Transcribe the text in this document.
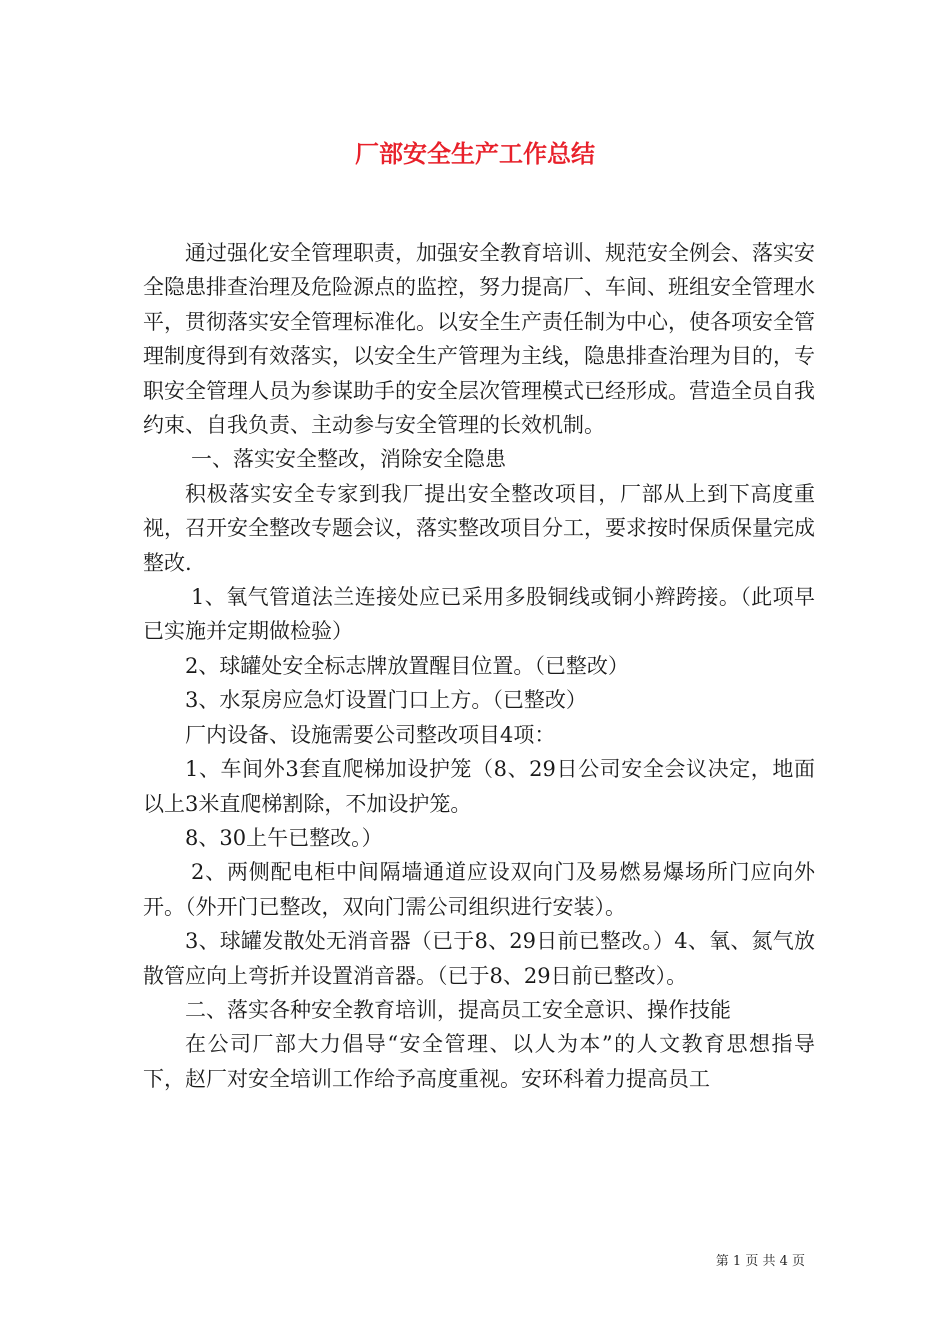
厂部安全生产工作总结

通过强化安全管理职责，加强安全教育培训、规范安全例会、落实安全隐患排查治理及危险源点的监控，努力提高厂、车间、班组安全管理水平，贯彻落实安全管理标准化。以安全生产责任制为中心，使各项安全管理制度得到有效落实，以安全生产管理为主线，隐患排查治理为目的，专职安全管理人员为参谋助手的安全层次管理模式已经形成。营造全员自我约束、自我负责、主动参与安全管理的长效机制。

一、落实安全整改，消除安全隐患

积极落实安全专家到我厂提出安全整改项目，厂部从上到下高度重视，召开安全整改专题会议，落实整改项目分工，要求按时保质保量完成整改.

1、氧气管道法兰连接处应已采用多股铜线或铜小辫跨接。（此项早已实施并定期做检验）

2、球罐处安全标志牌放置醒目位置。（已整改）

3、水泵房应急灯设置门口上方。（已整改）

厂内设备、设施需要公司整改项目4项：

1、车间外3套直爬梯加设护笼（8、29日公司安全会议决定，地面以上3米直爬梯割除，不加设护笼。

8、30上午已整改。）

2、两侧配电柜中间隔墙通道应设双向门及易燃易爆场所门应向外开。（外开门已整改，双向门需公司组织进行安装）。

3、球罐发散处无消音器（已于8、29日前已整改。）4、氧、氮气放散管应向上弯折并设置消音器。（已于8、29日前已整改）。

二、落实各种安全教育培训，提高员工安全意识、操作技能

在公司厂部大力倡导“安全管理、以人为本”的人文教育思想指导下，赵厂对安全培训工作给予高度重视。安环科着力提高员工

第 1 页 共 4 页
